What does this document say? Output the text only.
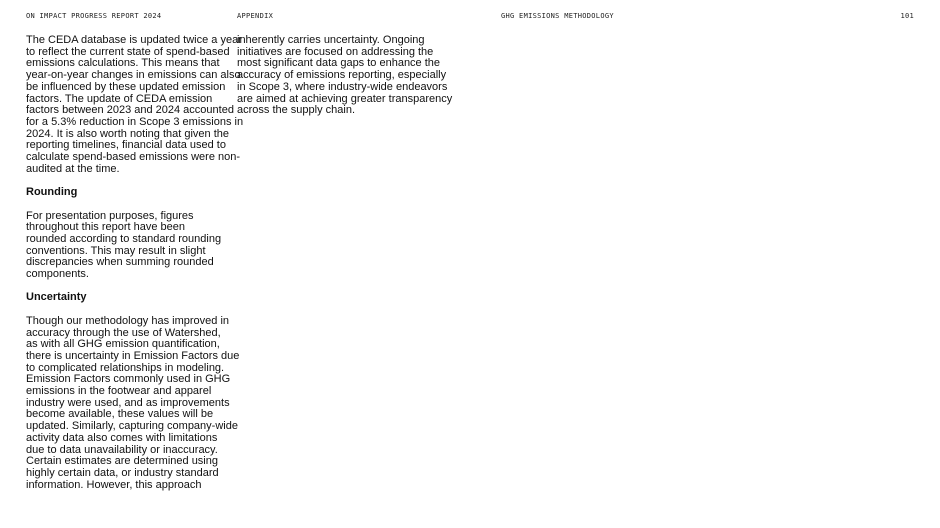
ON IMPACT PROGRESS REPORT 2024	APPENDIX	GHG EMISSIONS METHODOLOGY	101

The CEDA database is updated twice a year
to reflect the current state of spend-based
emissions calculations. This means that
year-on-year changes in emissions can also
be influenced by these updated emission
factors. The update of CEDA emission
factors between 2023 and 2024 accounted
for a 5.3% reduction in Scope 3 emissions in
2024. It is also worth noting that given the
reporting timelines, financial data used to
calculate spend-based emissions were non-
audited at the time.

Rounding

For presentation purposes, figures
throughout this report have been
rounded according to standard rounding
conventions. This may result in slight
discrepancies when summing rounded
components.

Uncertainty

Though our methodology has improved in
accuracy through the use of Watershed,
as with all GHG emission quantification,
there is uncertainty in Emission Factors due
to complicated relationships in modeling.
Emission Factors commonly used in GHG
emissions in the footwear and apparel
industry were used, and as improvements
become available, these values will be
updated. Similarly, capturing company-wide
activity data also comes with limitations
due to data unavailability or inaccuracy.
Certain estimates are determined using
highly certain data, or industry standard
information. However, this approach

inherently carries uncertainty. Ongoing
initiatives are focused on addressing the
most significant data gaps to enhance the
accuracy of emissions reporting, especially
in Scope 3, where industry-wide endeavors
are aimed at achieving greater transparency
across the supply chain.
